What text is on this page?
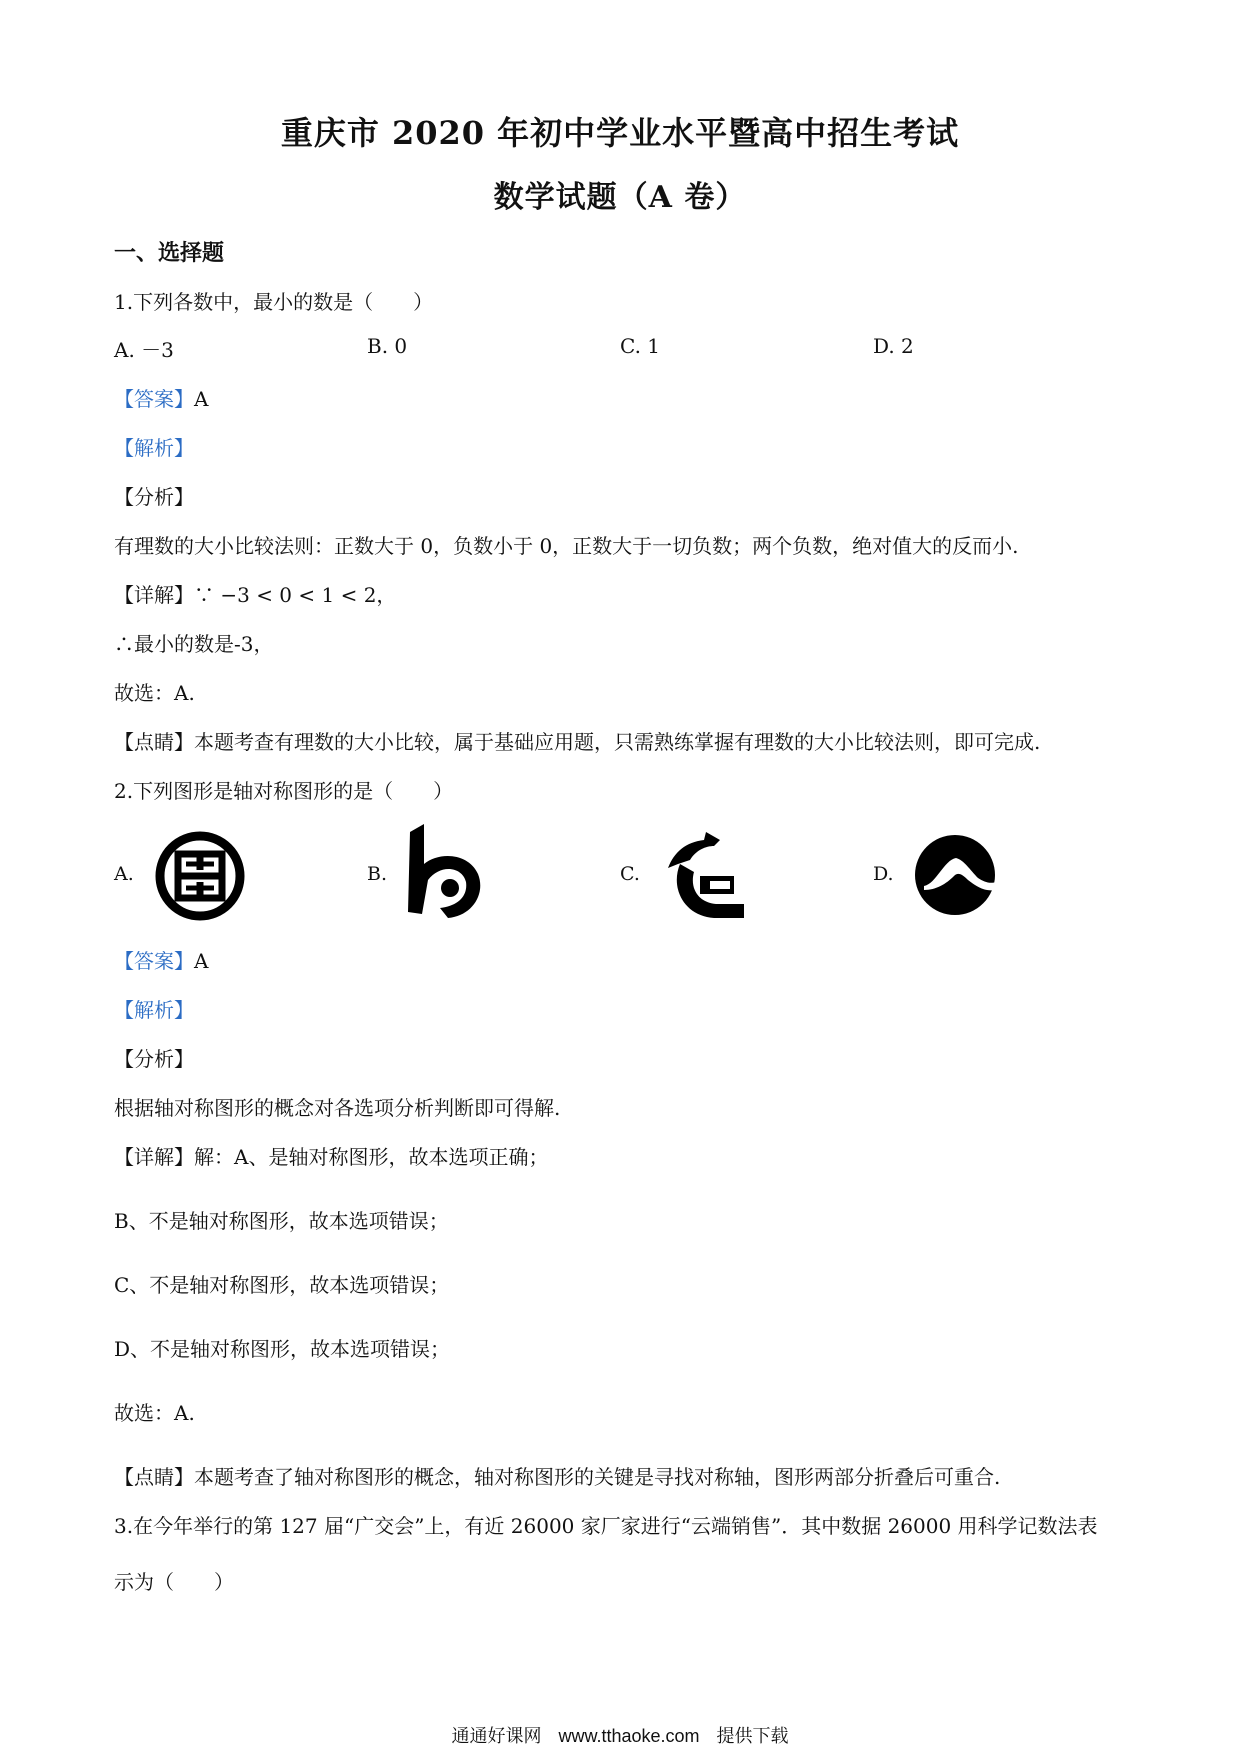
重庆市 2020 年初中学业水平暨高中招生考试
数学试题（A 卷）
一、选择题
1.下列各数中，最小的数是（　　）
A. －3	B. 0	C. 1	D. 2
【答案】A
【解析】
【分析】
有理数的大小比较法则：正数大于 0，负数小于 0，正数大于一切负数；两个负数，绝对值大的反而小.
【详解】∵ −3 < 0 < 1 < 2，
∴最小的数是-3，
故选：A.
【点睛】本题考查有理数的大小比较，属于基础应用题，只需熟练掌握有理数的大小比较法则，即可完成.
2.下列图形是轴对称图形的是（　　）
A.	B.	C.	D.
【答案】A
【解析】
【分析】
根据轴对称图形的概念对各选项分析判断即可得解.
【详解】解：A、是轴对称图形，故本选项正确；
B、不是轴对称图形，故本选项错误；
C、不是轴对称图形，故本选项错误；
D、不是轴对称图形，故本选项错误；
故选：A.
【点睛】本题考查了轴对称图形的概念，轴对称图形的关键是寻找对称轴，图形两部分折叠后可重合.
3.在今年举行的第 127 届“广交会”上，有近 26000 家厂家进行“云端销售”．其中数据 26000 用科学记数法表
示为（　　）
通通好课网 www.tthaoke.com 提供下载
